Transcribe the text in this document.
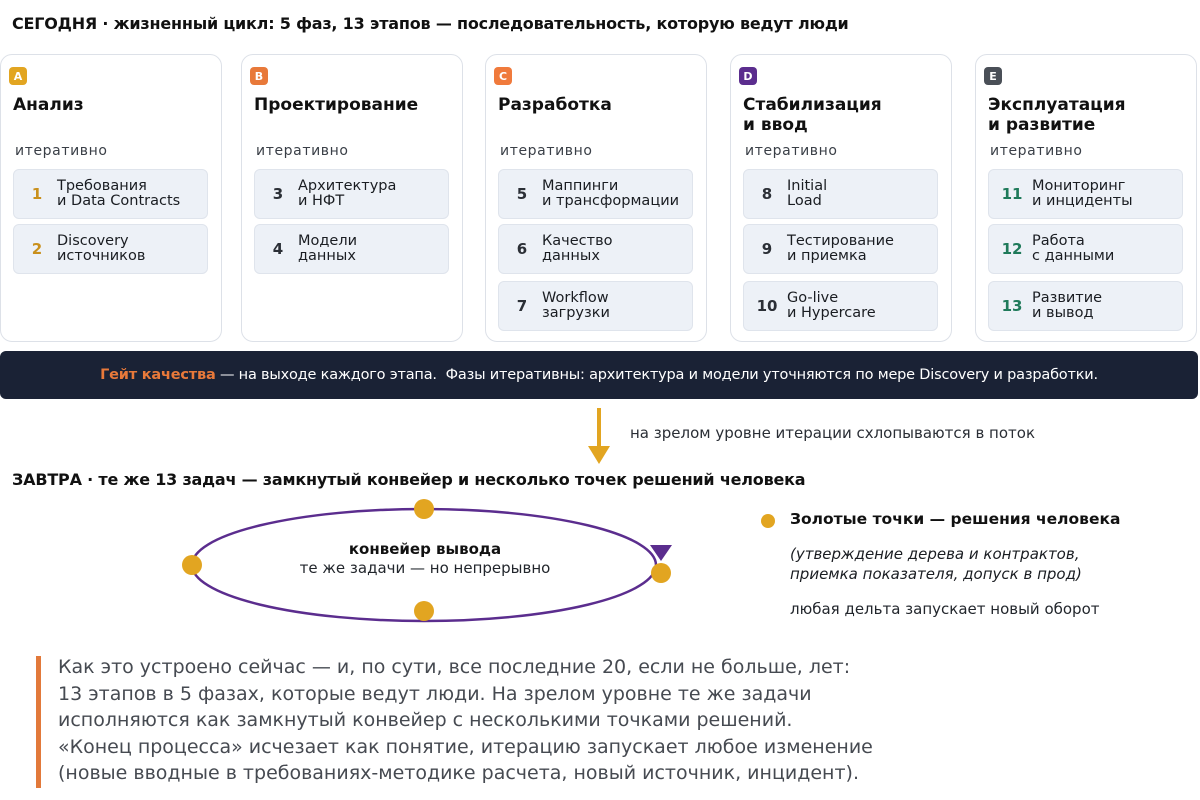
СЕГОДНЯ · жизненный цикл: 5 фаз, 13 этапов — последовательность, которую ведут люди
A
Анализ
итеративно
1	Требования
и Data Contracts
2	Discovery
источников
B
Проектирование
итеративно
3	Архитектура
и НФТ
4	Модели
данных
C
Разработка
итеративно
5	Маппинги
и трансформации
6	Качество
данных
7	Workflow
загрузки
D
Стабилизация
и ввод
итеративно
8	Initial
Load
9	Тестирование
и приемка
10 Go-live
и Hypercare
E
Эксплуатация
и развитие
итеративно
11 Мониторинг
и инциденты
12 Работа
с данными
13 Развитие
и вывод
Гейт качества — на выходе каждого этапа.  Фазы итеративны: архитектура и модели уточняются по мере Discovery и разработки.
на зрелом уровне итерации схлопываются в поток
ЗАВТРА · те же 13 задач — замкнутый конвейер и несколько точек решений человека
конвейер вывода
те же задачи — но непрерывно
Золотые точки — решения человека
(утверждение дерева и контрактов,
приемка показателя, допуск в прод)
любая дельта запускает новый оборот
Как это устроено сейчас — и, по сути, все последние 20, если не больше, лет:
13 этапов в 5 фазах, которые ведут люди. На зрелом уровне те же задачи
исполняются как замкнутый конвейер с несколькими точками решений.
«Конец процесса» исчезает как понятие, итерацию запускает любое изменение
(новые вводные в требованиях-методике расчета, новый источник, инцидент).
